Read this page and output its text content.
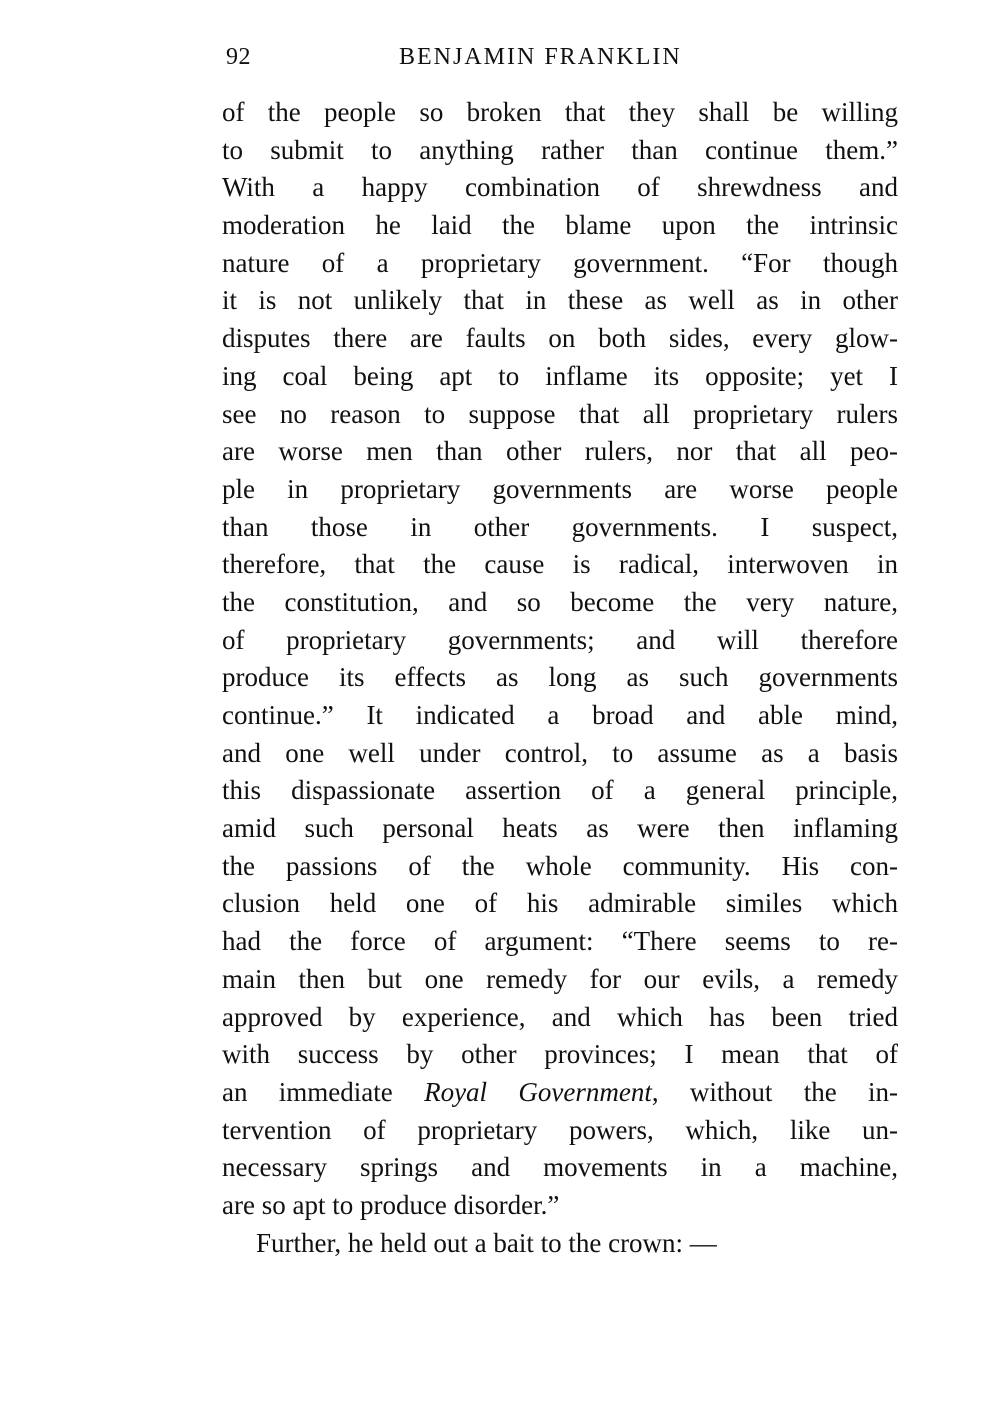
92	BENJAMIN FRANKLIN
of the people so broken that they shall be willing
to submit to anything rather than continue them.”
With a happy combination of shrewdness and
moderation he laid the blame upon the intrinsic
nature of a proprietary government. “For though
it is not unlikely that in these as well as in other
disputes there are faults on both sides, every glow-
ing coal being apt to inflame its opposite; yet I
see no reason to suppose that all proprietary rulers
are worse men than other rulers, nor that all peo-
ple in proprietary governments are worse people
than those in other governments. I suspect,
therefore, that the cause is radical, interwoven in
the constitution, and so become the very nature,
of proprietary governments; and will therefore
produce its effects as long as such governments
continue.” It indicated a broad and able mind,
and one well under control, to assume as a basis
this dispassionate assertion of a general principle,
amid such personal heats as were then inflaming
the passions of the whole community. His con-
clusion held one of his admirable similes which
had the force of argument: “There seems to re-
main then but one remedy for our evils, a remedy
approved by experience, and which has been tried
with success by other provinces; I mean that of
an immediate Royal Government, without the in-
tervention of proprietary powers, which, like un-
necessary springs and movements in a machine,
are so apt to produce disorder.”
Further, he held out a bait to the crown: —
